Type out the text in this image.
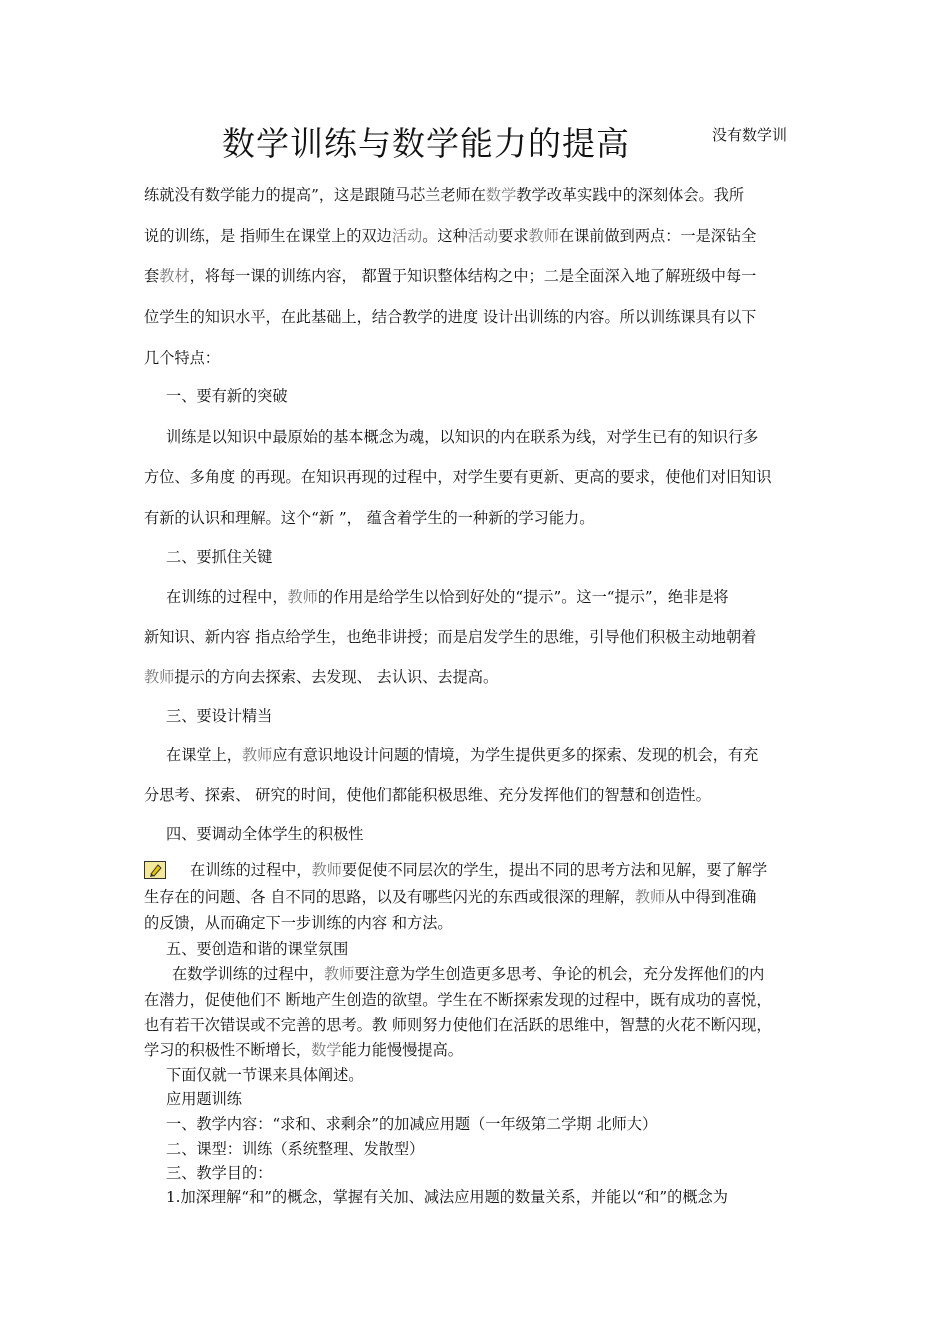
数学训练与数学能力的提高	没有数学训
练就没有数学能力的提高”，这是跟随马芯兰老师在数学教学改革实践中的深刻体会。我所
说的训练，是 指师生在课堂上的双边活动。这种活动要求教师在课前做到两点：一是深钻全
套教材，将每一课的训练内容， 都置于知识整体结构之中；二是全面深入地了解班级中每一
位学生的知识水平，在此基础上，结合教学的进度 设计出训练的内容。所以训练课具有以下
几个特点：
一、要有新的突破
训练是以知识中最原始的基本概念为魂，以知识的内在联系为线，对学生已有的知识行多
方位、多角度 的再现。在知识再现的过程中，对学生要有更新、更高的要求，使他们对旧知识
有新的认识和理解。这个“新 ”， 蕴含着学生的一种新的学习能力。
二、要抓住关键
在训练的过程中，教师的作用是给学生以恰到好处的“提示”。这一“提示”，绝非是将
新知识、新内容 指点给学生，也绝非讲授；而是启发学生的思维，引导他们积极主动地朝着
教师提示的方向去探索、去发现、 去认识、去提高。
三、要设计精当
在课堂上，教师应有意识地设计问题的情境，为学生提供更多的探索、发现的机会，有充
分思考、探索、 研究的时间，使他们都能积极思维、充分发挥他们的智慧和创造性。
四、要调动全体学生的积极性
在训练的过程中，教师要促使不同层次的学生，提出不同的思考方法和见解，要了解学
生存在的问题、各 自不同的思路，以及有哪些闪光的东西或很深的理解，教师从中得到准确
的反馈，从而确定下一步训练的内容 和方法。
五、要创造和谐的课堂氛围
在数学训练的过程中，教师要注意为学生创造更多思考、争论的机会，充分发挥他们的内
在潜力，促使他们不 断地产生创造的欲望。学生在不断探索发现的过程中，既有成功的喜悦，
也有若干次错误或不完善的思考。教 师则努力使他们在活跃的思维中，智慧的火花不断闪现，
学习的积极性不断增长，数学能力能慢慢提高。
下面仅就一节课来具体阐述。
应用题训练
一、教学内容：“求和、求剩余”的加减应用题（一年级第二学期 北师大）
二、课型：训练（系统整理、发散型）
三、教学目的：
1.加深理解“和”的概念，掌握有关加、减法应用题的数量关系，并能以“和”的概念为
